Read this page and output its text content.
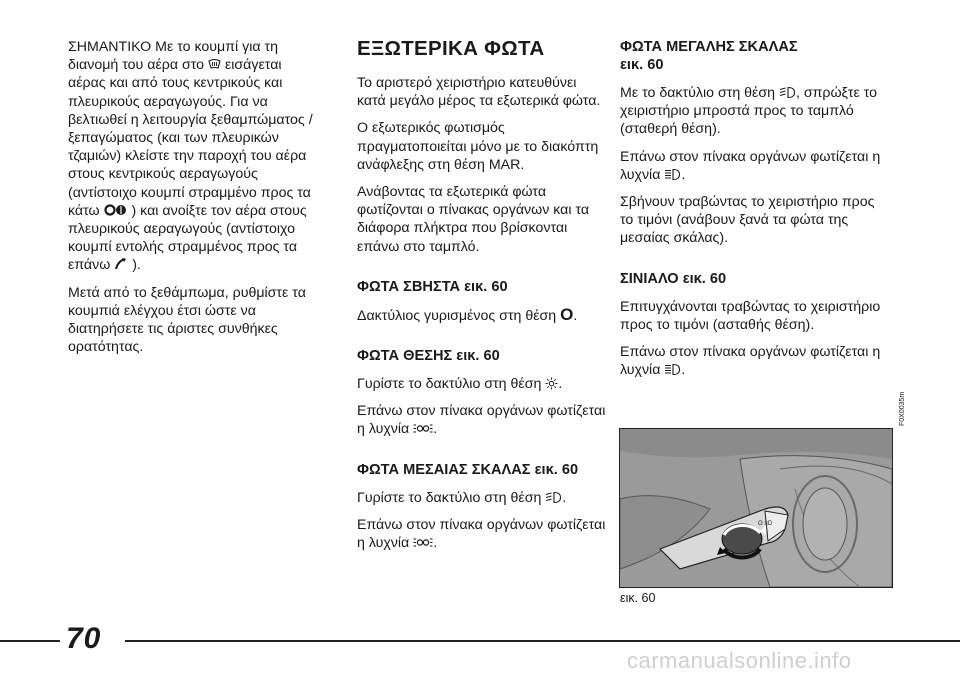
ΣΗΜΑΝΤΙΚΟ Με το κουμπί για τη διανομή του αέρα στο εισάγεται αέρας και από τους κεντρικούς και πλευρικούς αεραγωγούς. Για να βελτιωθεί η λειτουργία ξεθαμπώματος / ξεπαγώματος (και των πλευρικών τζαμιών) κλείστε την παροχή του αέρα στους κεντρικούς αεραγωγούς (αντίστοιχο κουμπί στραμμένο προς τα κάτω ) και ανοίξτε τον αέρα στους πλευρικούς αεραγωγούς (αντίστοιχο κουμπί εντολής στραμμένος προς τα επάνω ).

Μετά από το ξεθάμπωμα, ρυθμίστε τα κουμπιά ελέγχου έτσι ώστε να διατηρήσετε τις άριστες συνθήκες ορατότητας.

ΕΞΩΤΕΡΙΚΑ ΦΩΤΑ

Το αριστερό χειριστήριο κατευθύνει κατά μεγάλο μέρος τα εξωτερικά φώτα.

Ο εξωτερικός φωτισμός πραγματοποιείται μόνο με το διακόπτη ανάφλεξης στη θέση MAR.

Ανάβοντας τα εξωτερικά φώτα φωτίζονται ο πίνακας οργάνων και τα διάφορα πλήκτρα που βρίσκονται επάνω στο ταμπλό.

ΦΩΤΑ ΣΒΗΣΤΑ εικ. 60

Δακτύλιος γυρισμένος στη θέση O.

ΦΩΤΑ ΘΕΣΗΣ εικ. 60

Γυρίστε το δακτύλιο στη θέση .

Επάνω στον πίνακα οργάνων φωτίζεται η λυχνία .

ΦΩΤΑ ΜΕΣΑΙΑΣ ΣΚΑΛΑΣ εικ. 60

Γυρίστε το δακτύλιο στη θέση .

Επάνω στον πίνακα οργάνων φωτίζεται η λυχνία .

ΦΩΤΑ ΜΕΓΑΛΗΣ ΣΚΑΛΑΣ
εικ. 60

Με το δακτύλιο στη θέση , σπρώξτε το χειριστήριο μπροστά προς το ταμπλό (σταθερή θέση).

Επάνω στον πίνακα οργάνων φωτίζεται η λυχνία .

Σβήνουν τραβώντας το χειριστήριο προς το τιμόνι (ανάβουν ξανά τα φώτα της μεσαίας σκάλας).

ΣΙΝΙΑΛΟ εικ. 60

Επιτυγχάνονται τραβώντας το χειριστήριο προς το τιμόνι (ασταθής θέση).

Επάνω στον πίνακα οργάνων φωτίζεται η λυχνία .

O ≡D
F0X0035m
εικ. 60
70
carmanualsonline.info
